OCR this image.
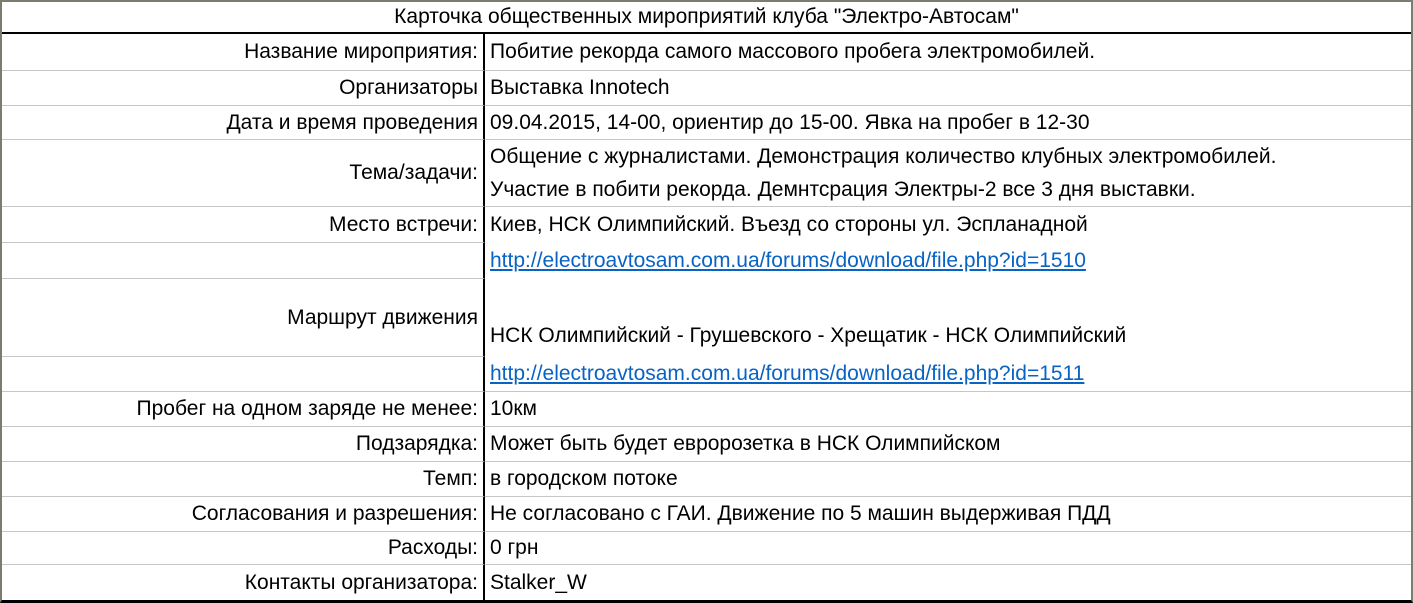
Карточка общественных мироприятий клуба "Электро-Автосам"
Название мироприятия: Побитие рекорда самого массового пробега электромобилей.
Организаторы Выставка Innotech
Дата и время проведения 09.04.2015, 14-00, ориентир до 15-00. Явка на пробег в 12-30
Тема/задачи:
Общение с журналистами. Демонстрация количество клубных электромобилей.
Участие в побити рекорда. Демнтсрация Электры-2 все 3 дня выставки.
Место встречи: Киев, НСК Олимпийский. Въезд со стороны ул. Эспланадной
http://electroavtosam.com.ua/forums/download/file.php?id=1510
Маршрут движения
НСК Олимпийский - Грушевского - Хрещатик - НСК Олимпийский
http://electroavtosam.com.ua/forums/download/file.php?id=1511
Пробег на одном заряде не менее: 10км
Подзарядка: Может быть будет евророзетка в НСК Олимпийском
Темп: в городском потоке
Согласования и разрешения: Не согласовано с ГАИ. Движение по 5 машин выдерживая ПДД
Расходы: 0 грн
Контакты организатора: Stalker_W
